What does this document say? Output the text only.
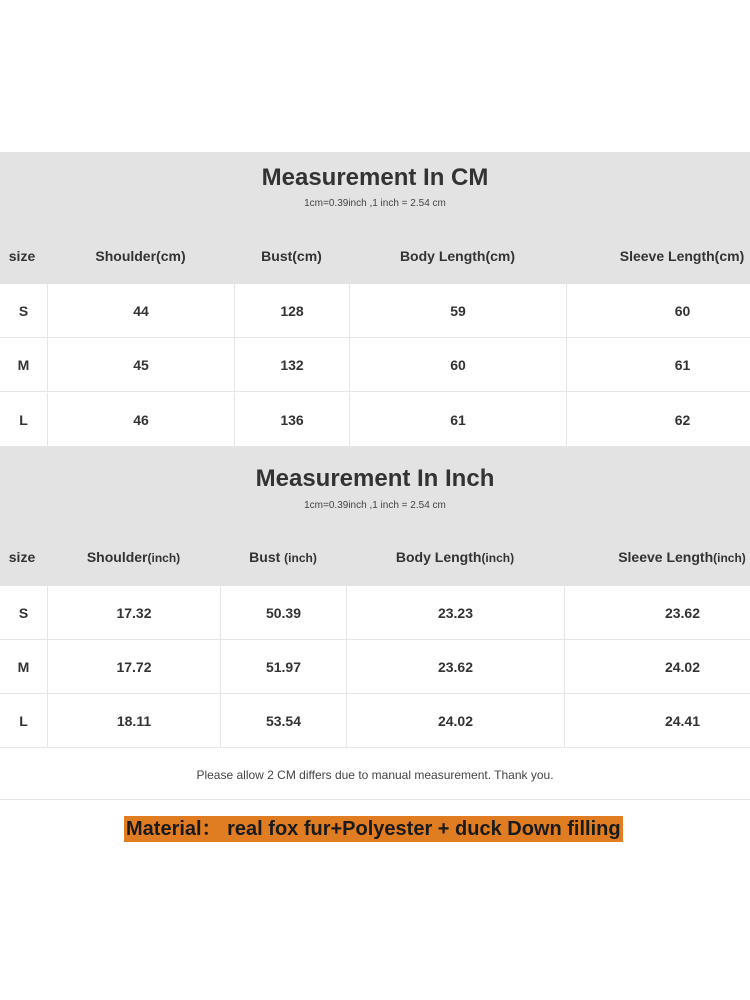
Measurement In CM
1cm=0.39inch ,1 inch = 2.54 cm
size	Shoulder(cm)	Bust(cm)	Body Length(cm)	Sleeve Length(cm)
S	44	128	59	60
M	45	132	60	61
L	46	136	61	62
Measurement In Inch
1cm=0.39inch ,1 inch = 2.54 cm
size	Shoulder(inch)	Bust (inch)	Body Length(inch)	Sleeve Length(inch)
S	17.32	50.39	23.23	23.62
M	17.72	51.97	23.62	24.02
L	18.11	53.54	24.02	24.41
Please allow 2 CM differs due to manual measurement. Thank you.
Material： real fox fur+Polyester + duck Down filling
